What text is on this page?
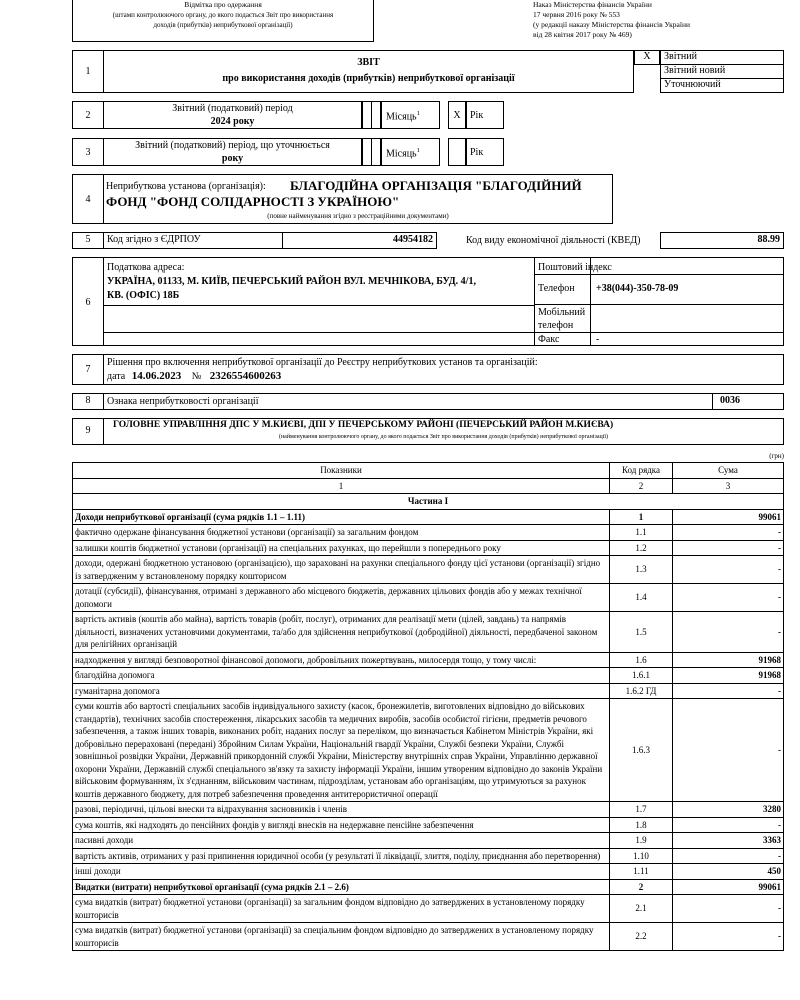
Відмітка про одержання
(штамп контролюючого органу, до якого подається Звіт про використання
доходів (прибутків) неприбуткової організації)
Наказ Міністерства фінансів України
17 червня 2016 року № 553
(у редакції наказу Міністерства фінансів України
від 28 квітня 2017 року № 469)
1
ЗВІТ
про використання доходів (прибутків) неприбуткової організації
X	Звітний
Звітний новий
Уточнюючий
2
Звітний (податковий) період
2024 року	Місяць$^1$	X Рік
3
Звітний (податковий) період, що уточнюється
року	Місяць$^1$	Рік
4
Неприбуткова установа (організація): БЛАГОДІЙНА ОРГАНІЗАЦІЯ "БЛАГОДІЙНИЙ
ФОНД "ФОНД СОЛІДАРНОСТІ З УКРАЇНОЮ"
(повне найменування згідно з реєстраційними документами)
5	Код згідно з ЄДРПОУ	44954182	Код виду економічної діяльності (КВЕД)	88.99
6
Податкова адреса:
УКРАЇНА, 01133, М. КИЇВ, ПЕЧЕРСЬКИЙ РАЙОН ВУЛ. МЕЧНІКОВА, БУД. 4/1,
КВ. (ОФІС) 18Б
Поштовий індекс
Телефон +38(044)-350-78-09
Мобільний
телефон
Факс	-
7
Рішення про включення неприбуткової організації до Реєстру неприбуткових установ та організацій:
дата 14.06.2023 № 2326554600263
8	Ознака неприбутковості організації	0036
9	ГОЛОВНЕ УПРАВЛІННЯ ДПС У М.КИЄВІ, ДПІ У ПЕЧЕРСЬКОМУ РАЙОНІ (ПЕЧЕРСЬКИЙ РАЙОН М.КИЄВА)
(найменування контролюючого органу, до якого подається Звіт про використання доходів (прибутків) неприбуткової організації)
(грн)
Показники	Код рядка	Сума
1	2	3
Частина I		
Доходи неприбуткової організації (сума рядків 1.1 – 1.11)	1	99061
фактично одержане фінансування бюджетної установи (організації) за загальним фондом	1.1	-
залишки коштів бюджетної установи (організації) на спеціальних рахунках, що перейшли з попереднього року	1.2	-
доходи, одержані бюджетною установою (організацією), що зараховані на рахунки спеціального фонду цієї установи (організації) згідно із затвердженим у встановленому порядку кошторисом	1.3	-
дотації (субсидії), фінансування, отримані з державного або місцевого бюджетів, державних цільових фондів або у межах технічної допомоги	1.4	-
вартість активів (коштів або майна), вартість товарів (робіт, послуг), отриманих для реалізації мети (цілей, завдань) та напрямів діяльності, визначених установчими документами, та/або для здійснення неприбуткової (добродійної) діяльності, передбаченої законом для релігійних організацій	1.5	-
надходження у вигляді безповоротної фінансової допомоги, добровільних пожертвувань, милосердя тощо, у тому числі:	1.6	91968
благодійна допомога	1.6.1	91968
гуманітарна допомога	1.6.2 ГД	-
суми коштів або вартості спеціальних засобів індивідуального захисту (касок, бронежилетів, виготовлених відповідно до військових стандартів), технічних засобів спостереження, лікарських засобів та медичних виробів, засобів особистої гігієни, предметів речового забезпечення, а також інших товарів, виконаних робіт, наданих послуг за переліком, що визначається Кабінетом Міністрів України, які добровільно перераховані (передані) Збройним Силам України, Національній гвардії України, Службі безпеки України, Службі зовнішньої розвідки України, Державній прикордонній службі України, Міністерству внутрішніх справ України, Управлінню державної охорони України, Державній службі спеціального зв'язку та захисту інформації України, іншим утвореним відповідно до законів України військовим формуванням, їх з'єднанням, військовим частинам, підрозділам, установам або організаціям, що утримуються за рахунок коштів державного бюджету, для потреб забезпечення проведення антитерористичної операції	1.6.3	-
разові, періодичні, цільові внески та відрахування засновників і членів	1.7	3280
сума коштів, які надходять до пенсійних фондів у вигляді внесків на недержавне пенсійне забезпечення	1.8	-
пасивні доходи	1.9	3363
вартість активів, отриманих у разі припинення юридичної особи (у результаті її ліквідації, злиття, поділу, приєднання або перетворення)	1.10	-
інші доходи	1.11	450
Видатки (витрати) неприбуткової організації (сума рядків 2.1 – 2.6)	2	99061
сума видатків (витрат) бюджетної установи (організації) за загальним фондом відповідно до затверджених в установленому порядку кошторисів	2.1	-
сума видатків (витрат) бюджетної установи (організації) за спеціальним фондом відповідно до затверджених в установленому порядку кошторисів	2.2	-
